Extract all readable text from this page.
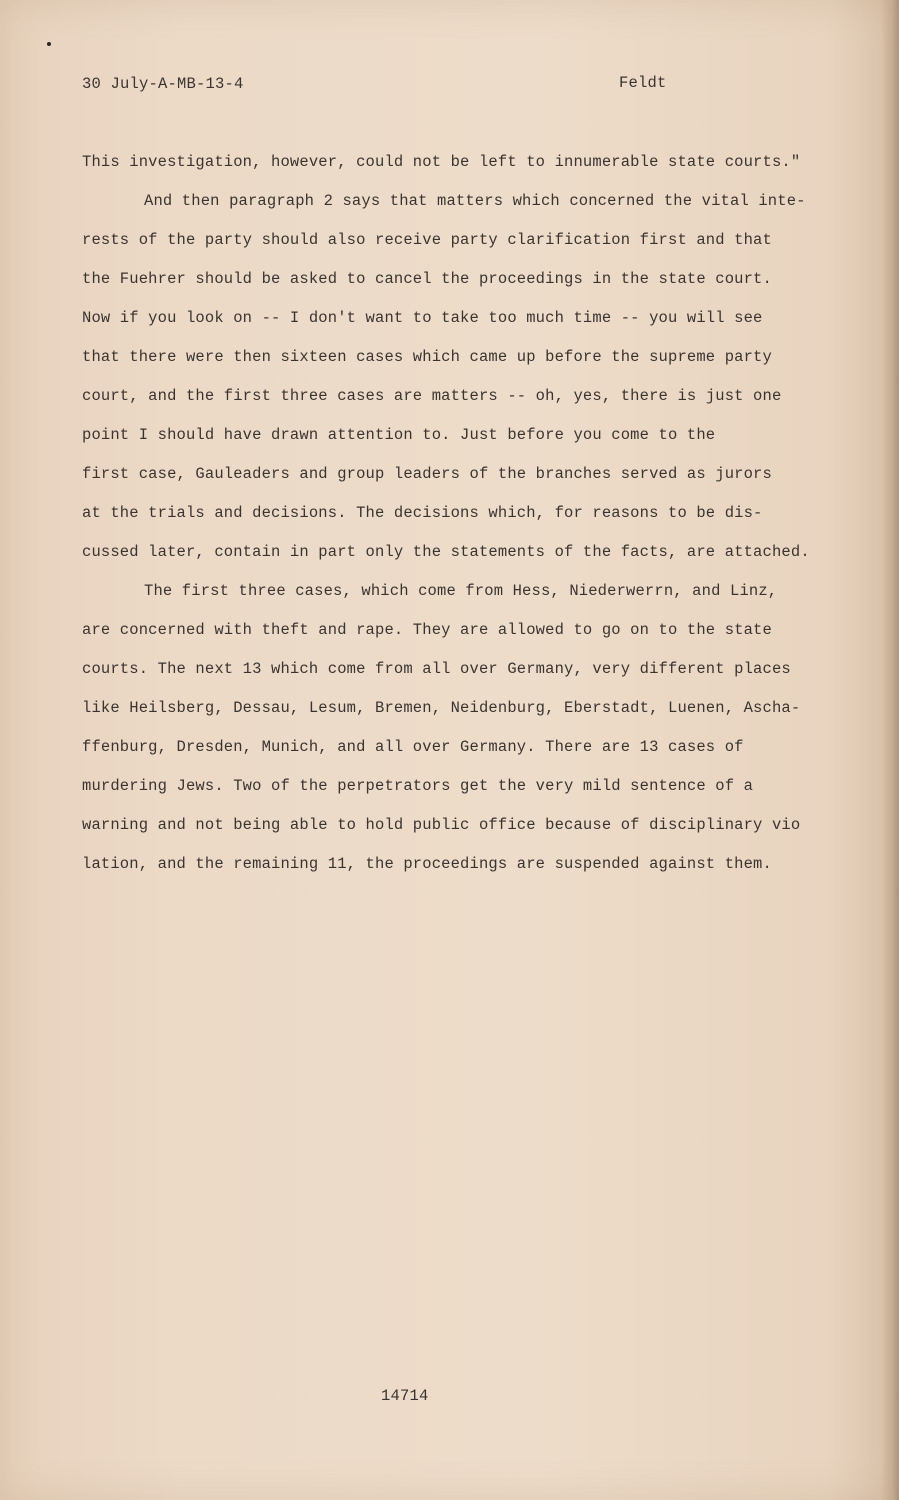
30 July-A-MB-13-4	Feldt
This investigation, however, could not be left to innumerable state courts."
And then paragraph 2 says that matters which concerned the vital inte-
rests of the party should also receive party clarification first and that
the Fuehrer should be asked to cancel the proceedings in the state court.
Now if you look on -- I don't want to take too much time -- you will see
that there were then sixteen cases which came up before the supreme party
court, and the first three cases are matters -- oh, yes, there is just one
point I should have drawn attention to. Just before you come to the
first case, Gauleaders and group leaders of the branches served as jurors
at the trials and decisions. The decisions which, for reasons to be dis-
cussed later, contain in part only the statements of the facts, are attached.
The first three cases, which come from Hess, Niederwerrn, and Linz,
are concerned with theft and rape. They are allowed to go on to the state
courts. The next 13 which come from all over Germany, very different places
like Heilsberg, Dessau, Lesum, Bremen, Neidenburg, Eberstadt, Luenen, Ascha-
ffenburg, Dresden, Munich, and all over Germany. There are 13 cases of
murdering Jews. Two of the perpetrators get the very mild sentence of a
warning and not being able to hold public office because of disciplinary vio
lation, and the remaining 11, the proceedings are suspended against them.
14714
